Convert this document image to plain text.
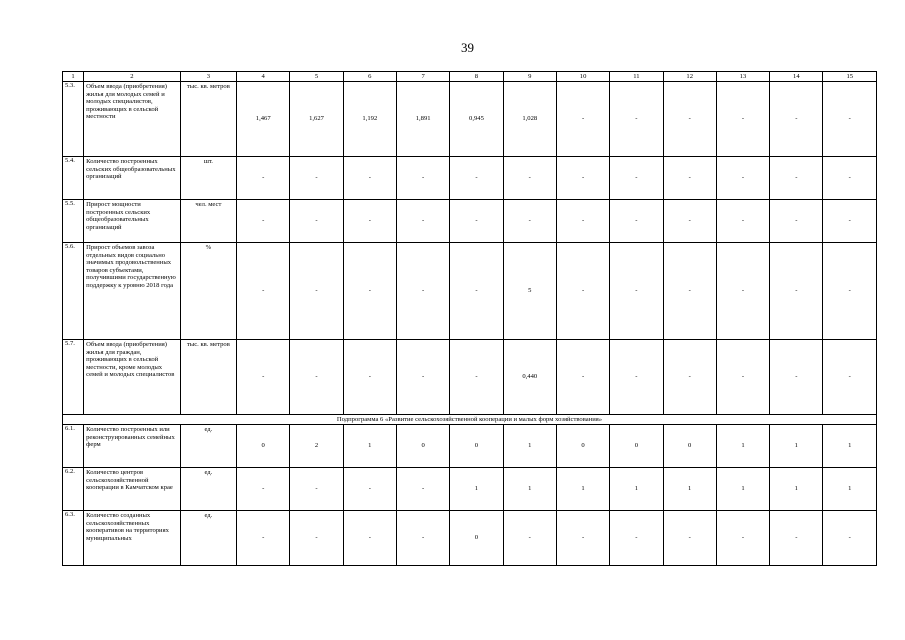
39
1	2	3	4	5	6	7	8	9	10	11	12	13	14	15
5.3.	Объем ввода (приобретения) жилья для молодых семей и молодых специалистов, проживающих в сельской местности	тыс. кв. метров	1,467	1,627	1,192	1,891	0,945	1,028	-	-	-	-	-	-
5.4.	Количество построенных сельских общеобразовательных организаций	шт.	-	-	-	-	-	-	-	-	-	-	-	-
5.5.	Прирост мощности построенных сельских общеобразовательных организаций	чел. мест	-	-	-	-	-	-	-	-	-	-	-	-
5.6.	Прирост объемов завоза отдельных видов социально значимых продовольственных товаров субъектами, получившими государственную поддержку к уровню 2018 года	%	-	-	-	-	-	5	-	-	-	-	-	-
5.7.	Объем ввода (приобретения) жилья для граждан, проживающих в сельской местности, кроме молодых семей и молодых специалистов	тыс. кв. метров	-	-	-	-	-	0,440	-	-	-	-	-	-
Подпрограмма 6 «Развитие сельскохозяйственной кооперации и малых форм хозяйствования»														
6.1.	Количество построенных или реконструированных семейных ферм	ед.	0	2	1	0	0	1	0	0	0	1	1	1
6.2.	Количество центров сельскохозяйственной кооперации в Камчатском крае	ед.	-	-	-	-	1	1	1	1	1	1	1	1
6.3.	Количество созданных сельскохозяйственных кооперативов на территориях муниципальных	ед.	-	-	-	-	0	-	-	-	-	-	-	-
